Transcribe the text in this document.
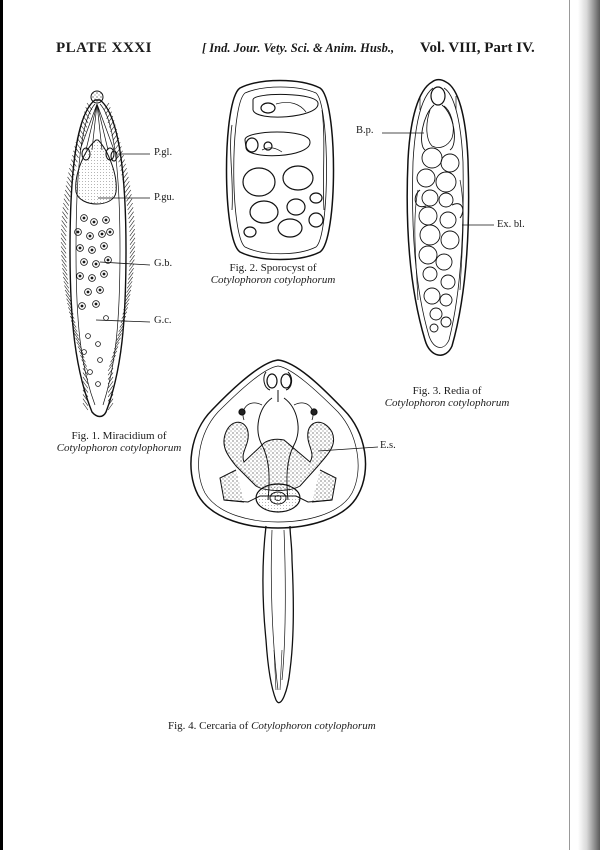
PLATE XXXI	[ Ind. Jour. Vety. Sci. & Anim. Husb., Vol. VIII, Part IV.
P.gl.
P.gu.
G.b.
G.c.
B.p.
Ex. bl.
E.s.
Fig. 1. Miracidium of
Cotylophoron cotylophorum
Fig. 2. Sporocyst of
Cotylophoron cotylophorum
Fig. 3. Redia of
Cotylophoron cotylophorum
Fig. 4. Cercaria of Cotylophoron cotylophorum
